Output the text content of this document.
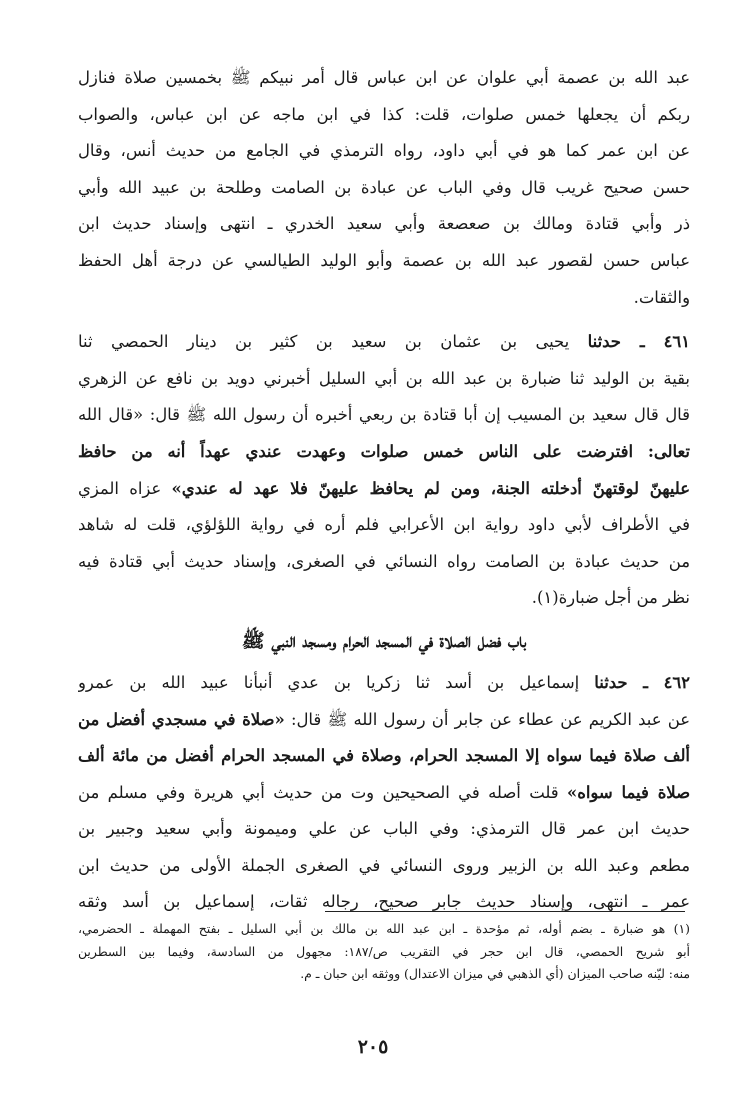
عبد الله بن عصمة أبي علوان عن ابن عباس قال أمر نبيكم ﷺ بخمسين صلاة فنازل
ربكم أن يجعلها خمس صلوات، قلت: كذا في ابن ماجه عن ابن عباس، والصواب
عن ابن عمر كما هو في أبي داود، رواه الترمذي في الجامع من حديث أنس، وقال
حسن صحيح غريب قال وفي الباب عن عبادة بن الصامت وطلحة بن عبيد الله وأبي
ذر وأبي قتادة ومالك بن صعصعة وأبي سعيد الخدري ـ انتهى وإسناد حديث ابن
عباس حسن لقصور عبد الله بن عصمة وأبو الوليد الطيالسي عن درجة أهل الحفظ
والثقات.
٤٦١ ـ حدثنا يحيى بن عثمان بن سعيد بن كثير بن دينار الحمصي ثنا
بقية بن الوليد ثنا ضبارة بن عبد الله بن أبي السليل أخبرني دويد بن نافع عن الزهري
قال قال سعيد بن المسيب إن أبا قتادة بن ربعي أخبره أن رسول الله ﷺ قال: «قال الله
تعالى: افترضت على الناس خمس صلوات وعهدت عندي عهداً أنه من حافظ
عليهنّ لوقتهنّ أدخلته الجنة، ومن لم يحافظ عليهنّ فلا عهد له عندي» عزاه المزي
في الأطراف لأبي داود رواية ابن الأعرابي فلم أره في رواية اللؤلؤي، قلت له شاهد
من حديث عبادة بن الصامت رواه النسائي في الصغرى، وإسناد حديث أبي قتادة فيه
نظر من أجل ضبارة(١).
باب فضل الصلاة في المسجد الحرام ومسجد النبي ﷺ
٤٦٢ ـ حدثنا إسماعيل بن أسد ثنا زكريا بن عدي أنبأنا عبيد الله بن عمرو
عن عبد الكريم عن عطاء عن جابر أن رسول الله ﷺ قال: «صلاة في مسجدي أفضل من
ألف صلاة فيما سواه إلا المسجد الحرام، وصلاة في المسجد الحرام أفضل من مائة ألف
صلاة فيما سواه» قلت أصله في الصحيحين وت من حديث أبي هريرة وفي مسلم من
حديث ابن عمر قال الترمذي: وفي الباب عن علي وميمونة وأبي سعيد وجبير بن
مطعم وعبد الله بن الزبير وروى النسائي في الصغرى الجملة الأولى من حديث ابن
عمر ـ انتهى، وإسناد حديث جابر صحيح، رجاله ثقات، إسماعيل بن أسد وثقه
(١) هو ضبارة ـ بضم أوله، ثم مؤحدة ـ ابن عبد الله بن مالك بن أبي السليل ـ بفتح المهملة ـ الحضرمي،
أبو شريح الحمصي، قال ابن حجر في التقريب ص/١٨٧: مجهول من السادسة، وفيما بين السطرين
منه: ليّنه صاحب الميزان (أي الذهبي في ميزان الاعتدال) ووثقه ابن حبان ـ م.
٢٠٥
